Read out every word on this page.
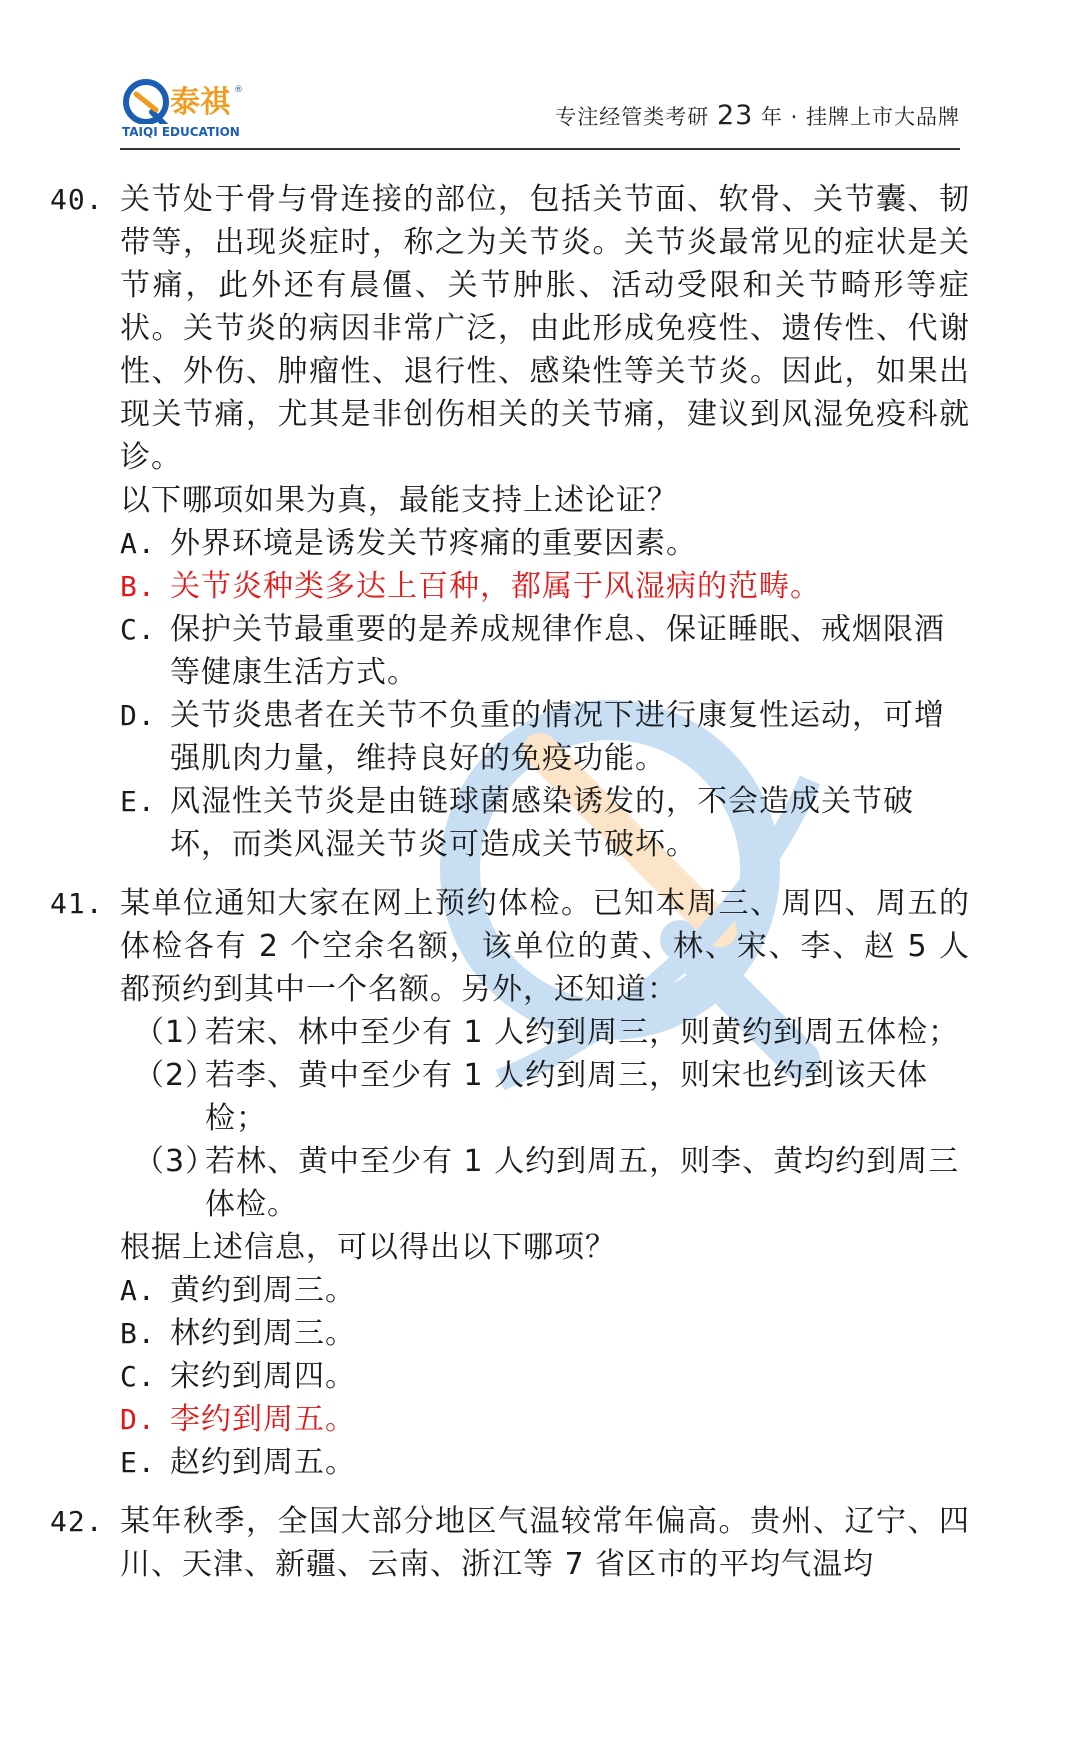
泰祺 ®
TAIQI EDUCATION
专注经管类考研 23 年 · 挂牌上市大品牌
40. 关节处于骨与骨连接的部位，包括关节面、软骨、关节囊、韧带等，出现炎症时，称之为关节炎。关节炎最常见的症状是关节痛，此外还有晨僵、关节肿胀、活动受限和关节畸形等症状。关节炎的病因非常广泛，由此形成免疫性、遗传性、代谢性、外伤、肿瘤性、退行性、感染性等关节炎。因此，如果出现关节痛，尤其是非创伤相关的关节痛，建议到风湿免疫科就诊。
以下哪项如果为真，最能支持上述论证？
A. 外界环境是诱发关节疼痛的重要因素。
B. 关节炎种类多达上百种，都属于风湿病的范畴。
C. 保护关节最重要的是养成规律作息、保证睡眠、戒烟限酒等健康生活方式。
D. 关节炎患者在关节不负重的情况下进行康复性运动，可增强肌肉力量，维持良好的免疫功能。
E. 风湿性关节炎是由链球菌感染诱发的，不会造成关节破坏，而类风湿关节炎可造成关节破坏。
41. 某单位通知大家在网上预约体检。已知本周三、周四、周五的体检各有 2 个空余名额，该单位的黄、林、宋、李、赵 5 人都预约到其中一个名额。另外，还知道：
（1）
若宋、林中至少有 1 人约到周三，则黄约到周五体检；
（2）
若李、黄中至少有 1 人约到周三，则宋也约到该天体检；
（3）
若林、黄中至少有 1 人约到周五，则李、黄均约到周三体检。
根据上述信息，可以得出以下哪项？
A. 黄约到周三。
B. 林约到周三。
C. 宋约到周四。
D. 李约到周五。
E. 赵约到周五。
42. 某年秋季，全国大部分地区气温较常年偏高。贵州、辽宁、四川、天津、新疆、云南、浙江等 7 省区市的平均气温均
